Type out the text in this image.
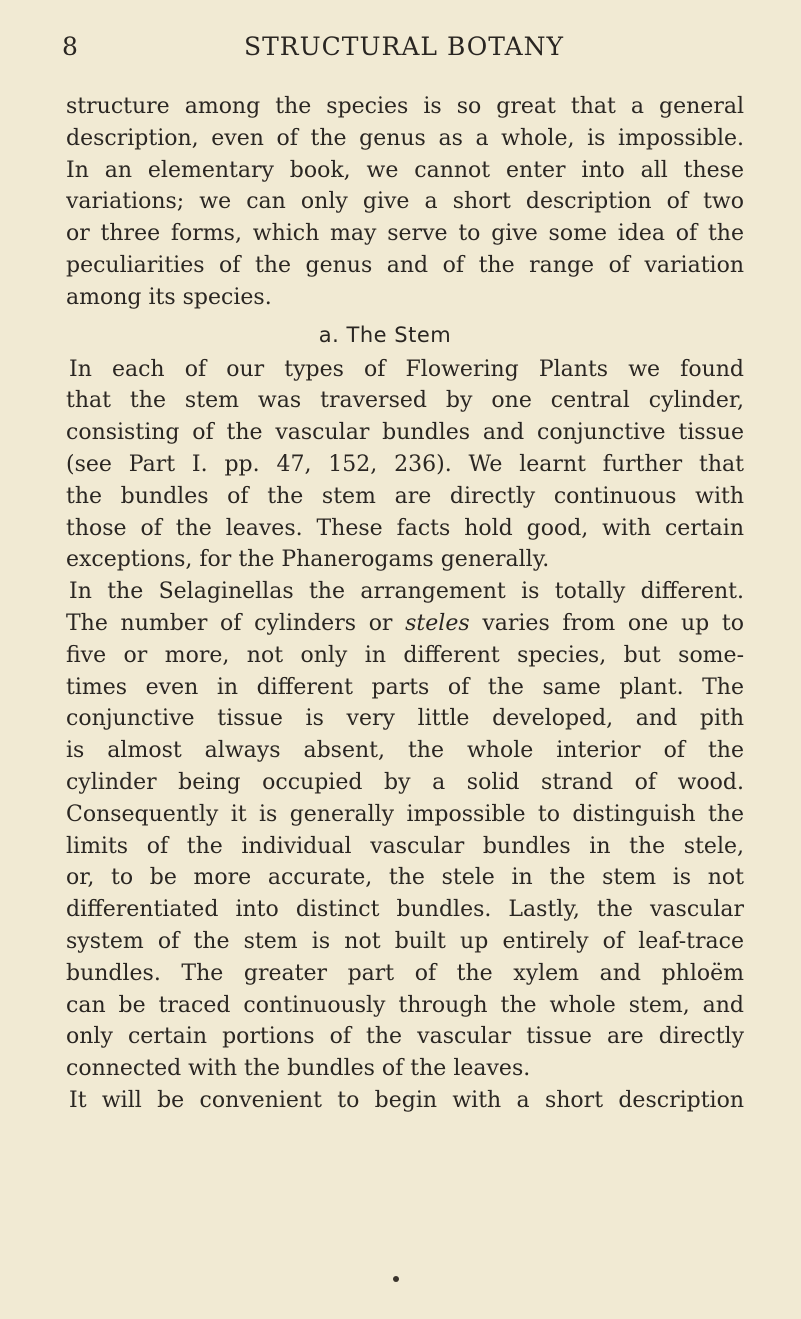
8	STRUCTURAL BOTANY
structure among the species is so great that a general
description, even of the genus as a whole, is impossible.
In an elementary book, we cannot enter into all these
variations; we can only give a short description of two
or three forms, which may serve to give some idea of the
peculiarities of the genus and of the range of variation
among its species.
a. The Stem
In each of our types of Flowering Plants we found
that the stem was traversed by one central cylinder,
consisting of the vascular bundles and conjunctive tissue
(see Part I. pp. 47, 152, 236). We learnt further that
the bundles of the stem are directly continuous with
those of the leaves. These facts hold good, with certain
exceptions, for the Phanerogams generally.
In the Selaginellas the arrangement is totally different.
The number of cylinders or steles varies from one up to
five or more, not only in different species, but some-
times even in different parts of the same plant. The
conjunctive tissue is very little developed, and pith
is almost always absent, the whole interior of the
cylinder being occupied by a solid strand of wood.
Consequently it is generally impossible to distinguish the
limits of the individual vascular bundles in the stele,
or, to be more accurate, the stele in the stem is not
differentiated into distinct bundles. Lastly, the vascular
system of the stem is not built up entirely of leaf-trace
bundles. The greater part of the xylem and phloëm
can be traced continuously through the whole stem, and
only certain portions of the vascular tissue are directly
connected with the bundles of the leaves.
It will be convenient to begin with a short description
